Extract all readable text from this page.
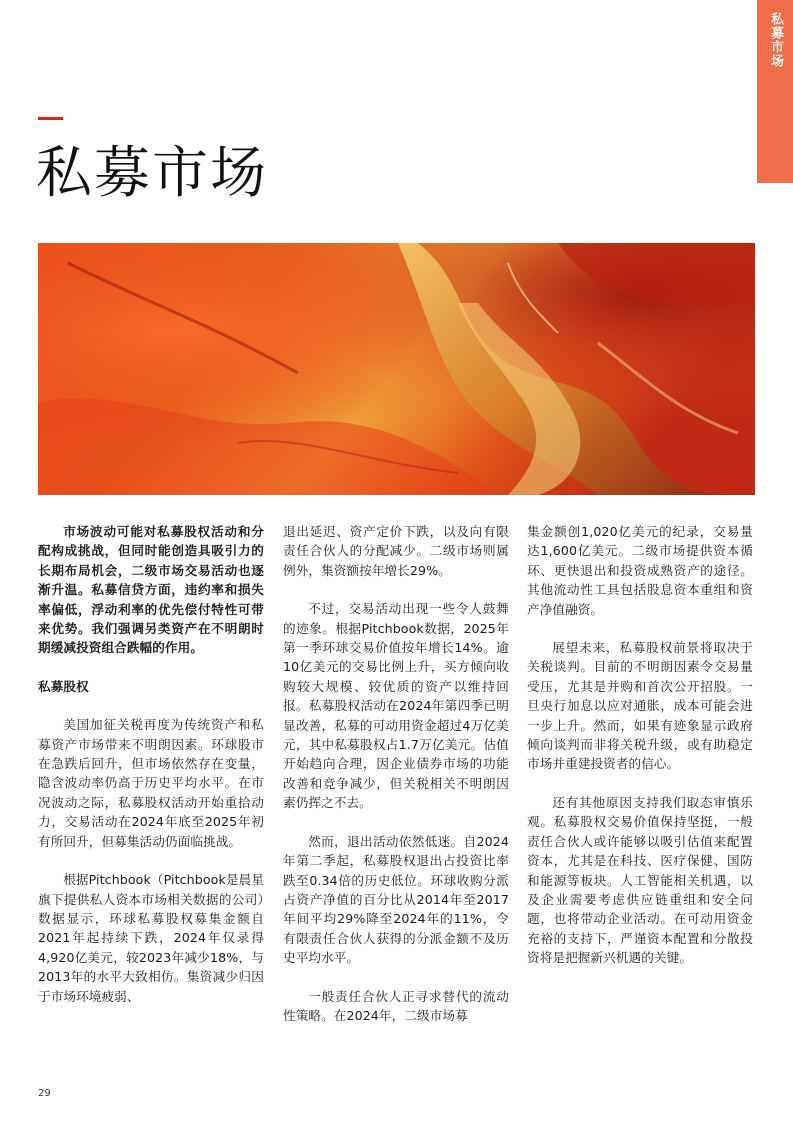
私募市场
私募市场

市场波动可能对私募股权活动和分配构成挑战，但同时能创造具吸引力的长期布局机会，二级市场交易活动也逐渐升温。私募信贷方面，违约率和损失率偏低，浮动利率的优先偿付特性可带来优势。我们强调另类资产在不明朗时期缓减投资组合跌幅的作用。

私募股权

美国加征关税再度为传统资产和私募资产市场带来不明朗因素。环球股市在急跌后回升，但市场依然存在变量，隐含波动率仍高于历史平均水平。在市况波动之际，私募股权活动开始重拾动力，交易活动在2024年底至2025年初有所回升，但募集活动仍面临挑战。

根据Pitchbook（Pitchbook是晨星旗下提供私人资本市场相关数据的公司）数据显示，环球私募股权募集金额自2021年起持续下跌，2024年仅录得4,920亿美元，较2023年减少18%，与2013年的水平大致相仿。集资减少归因于市场环境疲弱、

退出延迟、资产定价下跌，以及向有限责任合伙人的分配减少。二级市场则属例外，集资额按年增长29%。

不过，交易活动出现一些令人鼓舞的迹象。根据Pitchbook数据，2025年第一季环球交易价值按年增长14%。逾10亿美元的交易比例上升，买方倾向收购较大规模、较优质的资产以维持回报。私募股权活动在2024年第四季已明显改善，私募的可动用资金超过4万亿美元，其中私募股权占1.7万亿美元。估值开始趋向合理，因企业债券市场的功能改善和竞争减少，但关税相关不明朗因素仍挥之不去。

然而，退出活动依然低迷。自2024年第二季起，私募股权退出占投资比率跌至0.34倍的历史低位。环球收购分派占资产净值的百分比从2014年至2017年间平均29%降至2024年的11%，令有限责任合伙人获得的分派金额不及历史平均水平。

一般责任合伙人正寻求替代的流动性策略。在2024年，二级市场募

集金额创1,020亿美元的纪录，交易量达1,600亿美元。二级市场提供资本循环、更快退出和投资成熟资产的途径。其他流动性工具包括股息资本重组和资产净值融资。

展望未来，私募股权前景将取决于关税谈判。目前的不明朗因素令交易量受压，尤其是并购和首次公开招股。一旦央行加息以应对通胀，成本可能会进一步上升。然而，如果有迹象显示政府倾向谈判而非将关税升级，或有助稳定市场并重建投资者的信心。

还有其他原因支持我们取态审慎乐观。私募股权交易价值保持坚挺，一般责任合伙人或许能够以吸引估值来配置资本，尤其是在科技、医疗保健、国防和能源等板块。人工智能相关机遇，以及企业需要考虑供应链重组和安全问题，也将带动企业活动。在可动用资金充裕的支持下，严谨资本配置和分散投资将是把握新兴机遇的关键。

29
